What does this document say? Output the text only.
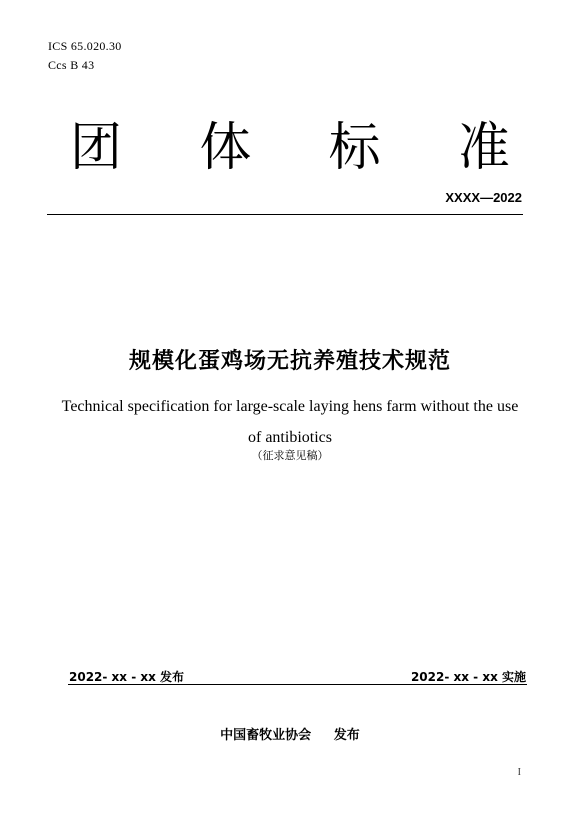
ICS 65.020.30
Ccs B 43
团 体 标 准
XXXX—2022
规模化蛋鸡场无抗养殖技术规范
Technical specification for large-scale laying hens farm without the use
of antibiotics
（征求意见稿）
2022- xx - xx 发布	2022- xx - xx 实施
中国畜牧业协会     发布
I
